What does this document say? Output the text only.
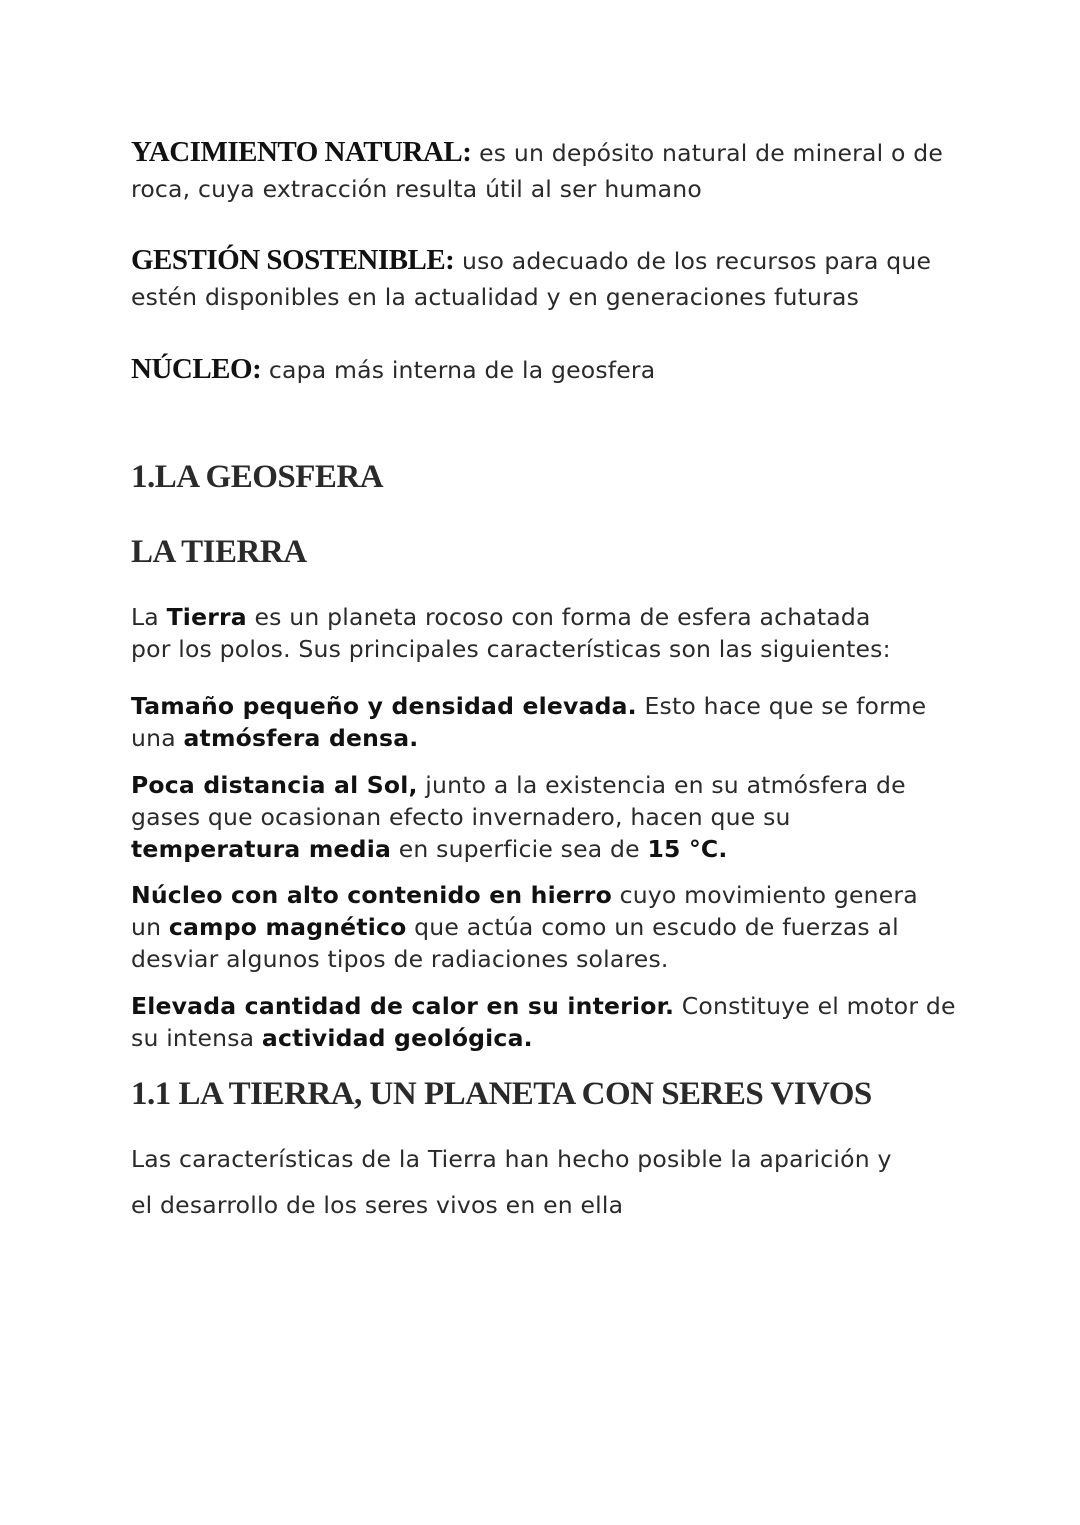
YACIMIENTO NATURAL: es un depósito natural de mineral o de
roca, cuya extracción resulta útil al ser humano
GESTIÓN SOSTENIBLE: uso adecuado de los recursos para que
estén disponibles en la actualidad y en generaciones futuras
NÚCLEO: capa más interna de la geosfera
1.LA GEOSFERA
LA TIERRA
La Tierra es un planeta rocoso con forma de esfera achatada
por los polos. Sus principales características son las siguientes:
Tamaño pequeño y densidad elevada. Esto hace que se forme
una atmósfera densa.
Poca distancia al Sol, junto a la existencia en su atmósfera de
gases que ocasionan efecto invernadero, hacen que su
temperatura media en superficie sea de 15 °C.
Núcleo con alto contenido en hierro cuyo movimiento genera
un campo magnético que actúa como un escudo de fuerzas al
desviar algunos tipos de radiaciones solares.
Elevada cantidad de calor en su interior. Constituye el motor de
su intensa actividad geológica.
1.1 LA TIERRA, UN PLANETA CON SERES VIVOS
Las características de la Tierra han hecho posible la aparición y
el desarrollo de los seres vivos en en ella
